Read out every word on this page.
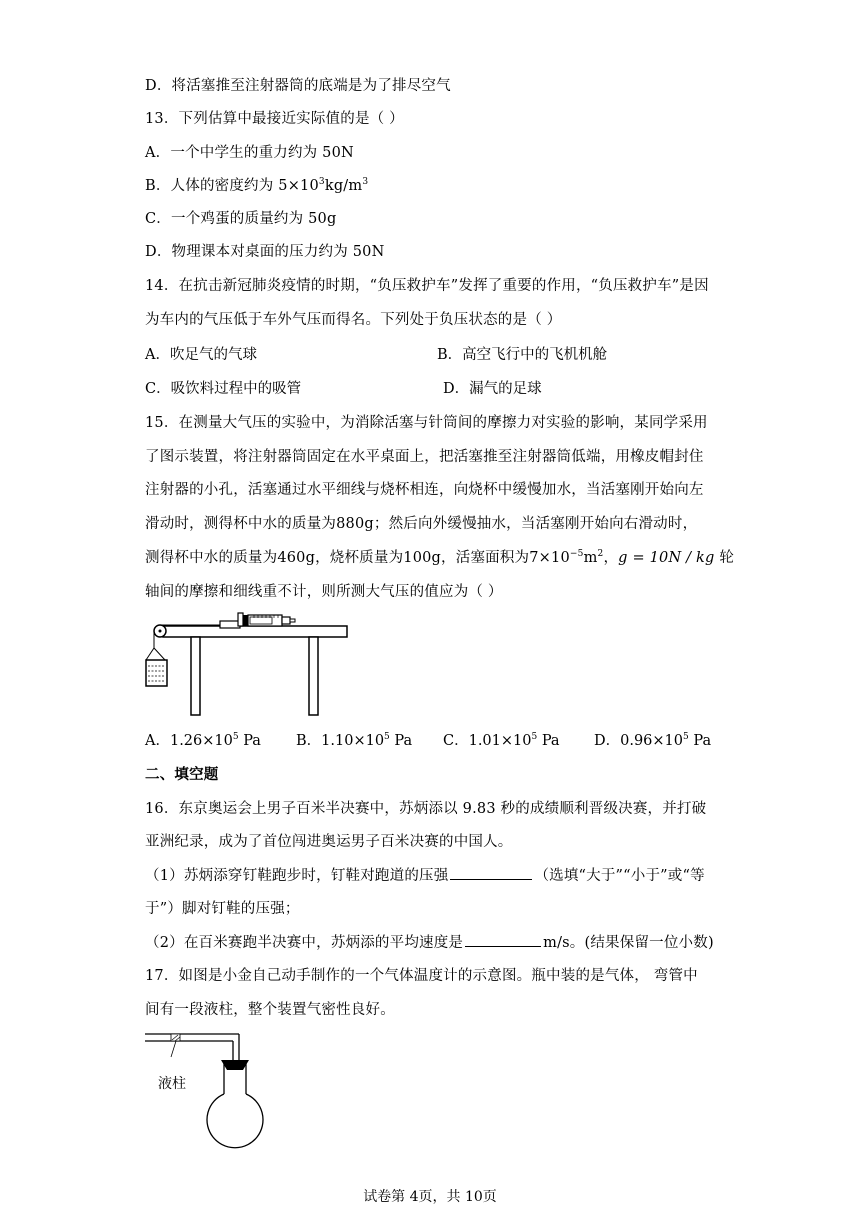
D．将活塞推至注射器筒的底端是为了排尽空气
13．下列估算中最接近实际值的是（ ）
A．一个中学生的重力约为 50N
B．人体的密度约为 $5\times 10^3kg/m^3$
C．一个鸡蛋的质量约为 50g
D．物理课本对桌面的压力约为 50N
14．在抗击新冠肺炎疫情的时期，“负压救护车”发挥了重要的作用，“负压救护车”是因
为车内的气压低于车外气压而得名。下列处于负压状态的是（ ）
A．吹足气的气球	B．高空飞行中的飞机机舱
C．吸饮料过程中的吸管	D．漏气的足球
15．在测量大气压的实验中，为消除活塞与针筒间的摩擦力对实验的影响，某同学采用
了图示装置，将注射器筒固定在水平桌面上，把活塞推至注射器筒低端，用橡皮帽封住
注射器的小孔，活塞通过水平细线与烧杯相连，向烧杯中缓慢加水，当活塞刚开始向左
滑动时，测得杯中水的质量为880g；然后向外缓慢抽水，当活塞刚开始向右滑动时，
测得杯中水的质量为460g，烧杯质量为100g，活塞面积为$7\times 10^{-5}m^2$，g = 10N / kg 轮
轴间的摩擦和细线重不计，则所测大气压的值应为（ ）
A．$1.26\times 10^5$ Pa B．$1.10\times 10^5$ Pa C．$1.01\times 10^5$ Pa D．$0.96\times 10^5$ Pa
二、填空题
16．东京奥运会上男子百米半决赛中，苏炳添以 9.83 秒的成绩顺利晋级决赛，并打破
亚洲纪录，成为了首位闯进奥运男子百米决赛的中国人。
（1）苏炳添穿钉鞋跑步时，钉鞋对跑道的压强	（选填“大于”“小于”或“等
于”）脚对钉鞋的压强；
（2）在百米赛跑半决赛中，苏炳添的平均速度是	m/s。(结果保留一位小数)
17．如图是小金自己动手制作的一个气体温度计的示意图。瓶中装的是气体， 弯管中
间有一段液柱，整个装置气密性良好。
液柱
试卷第 4页，共 10页
